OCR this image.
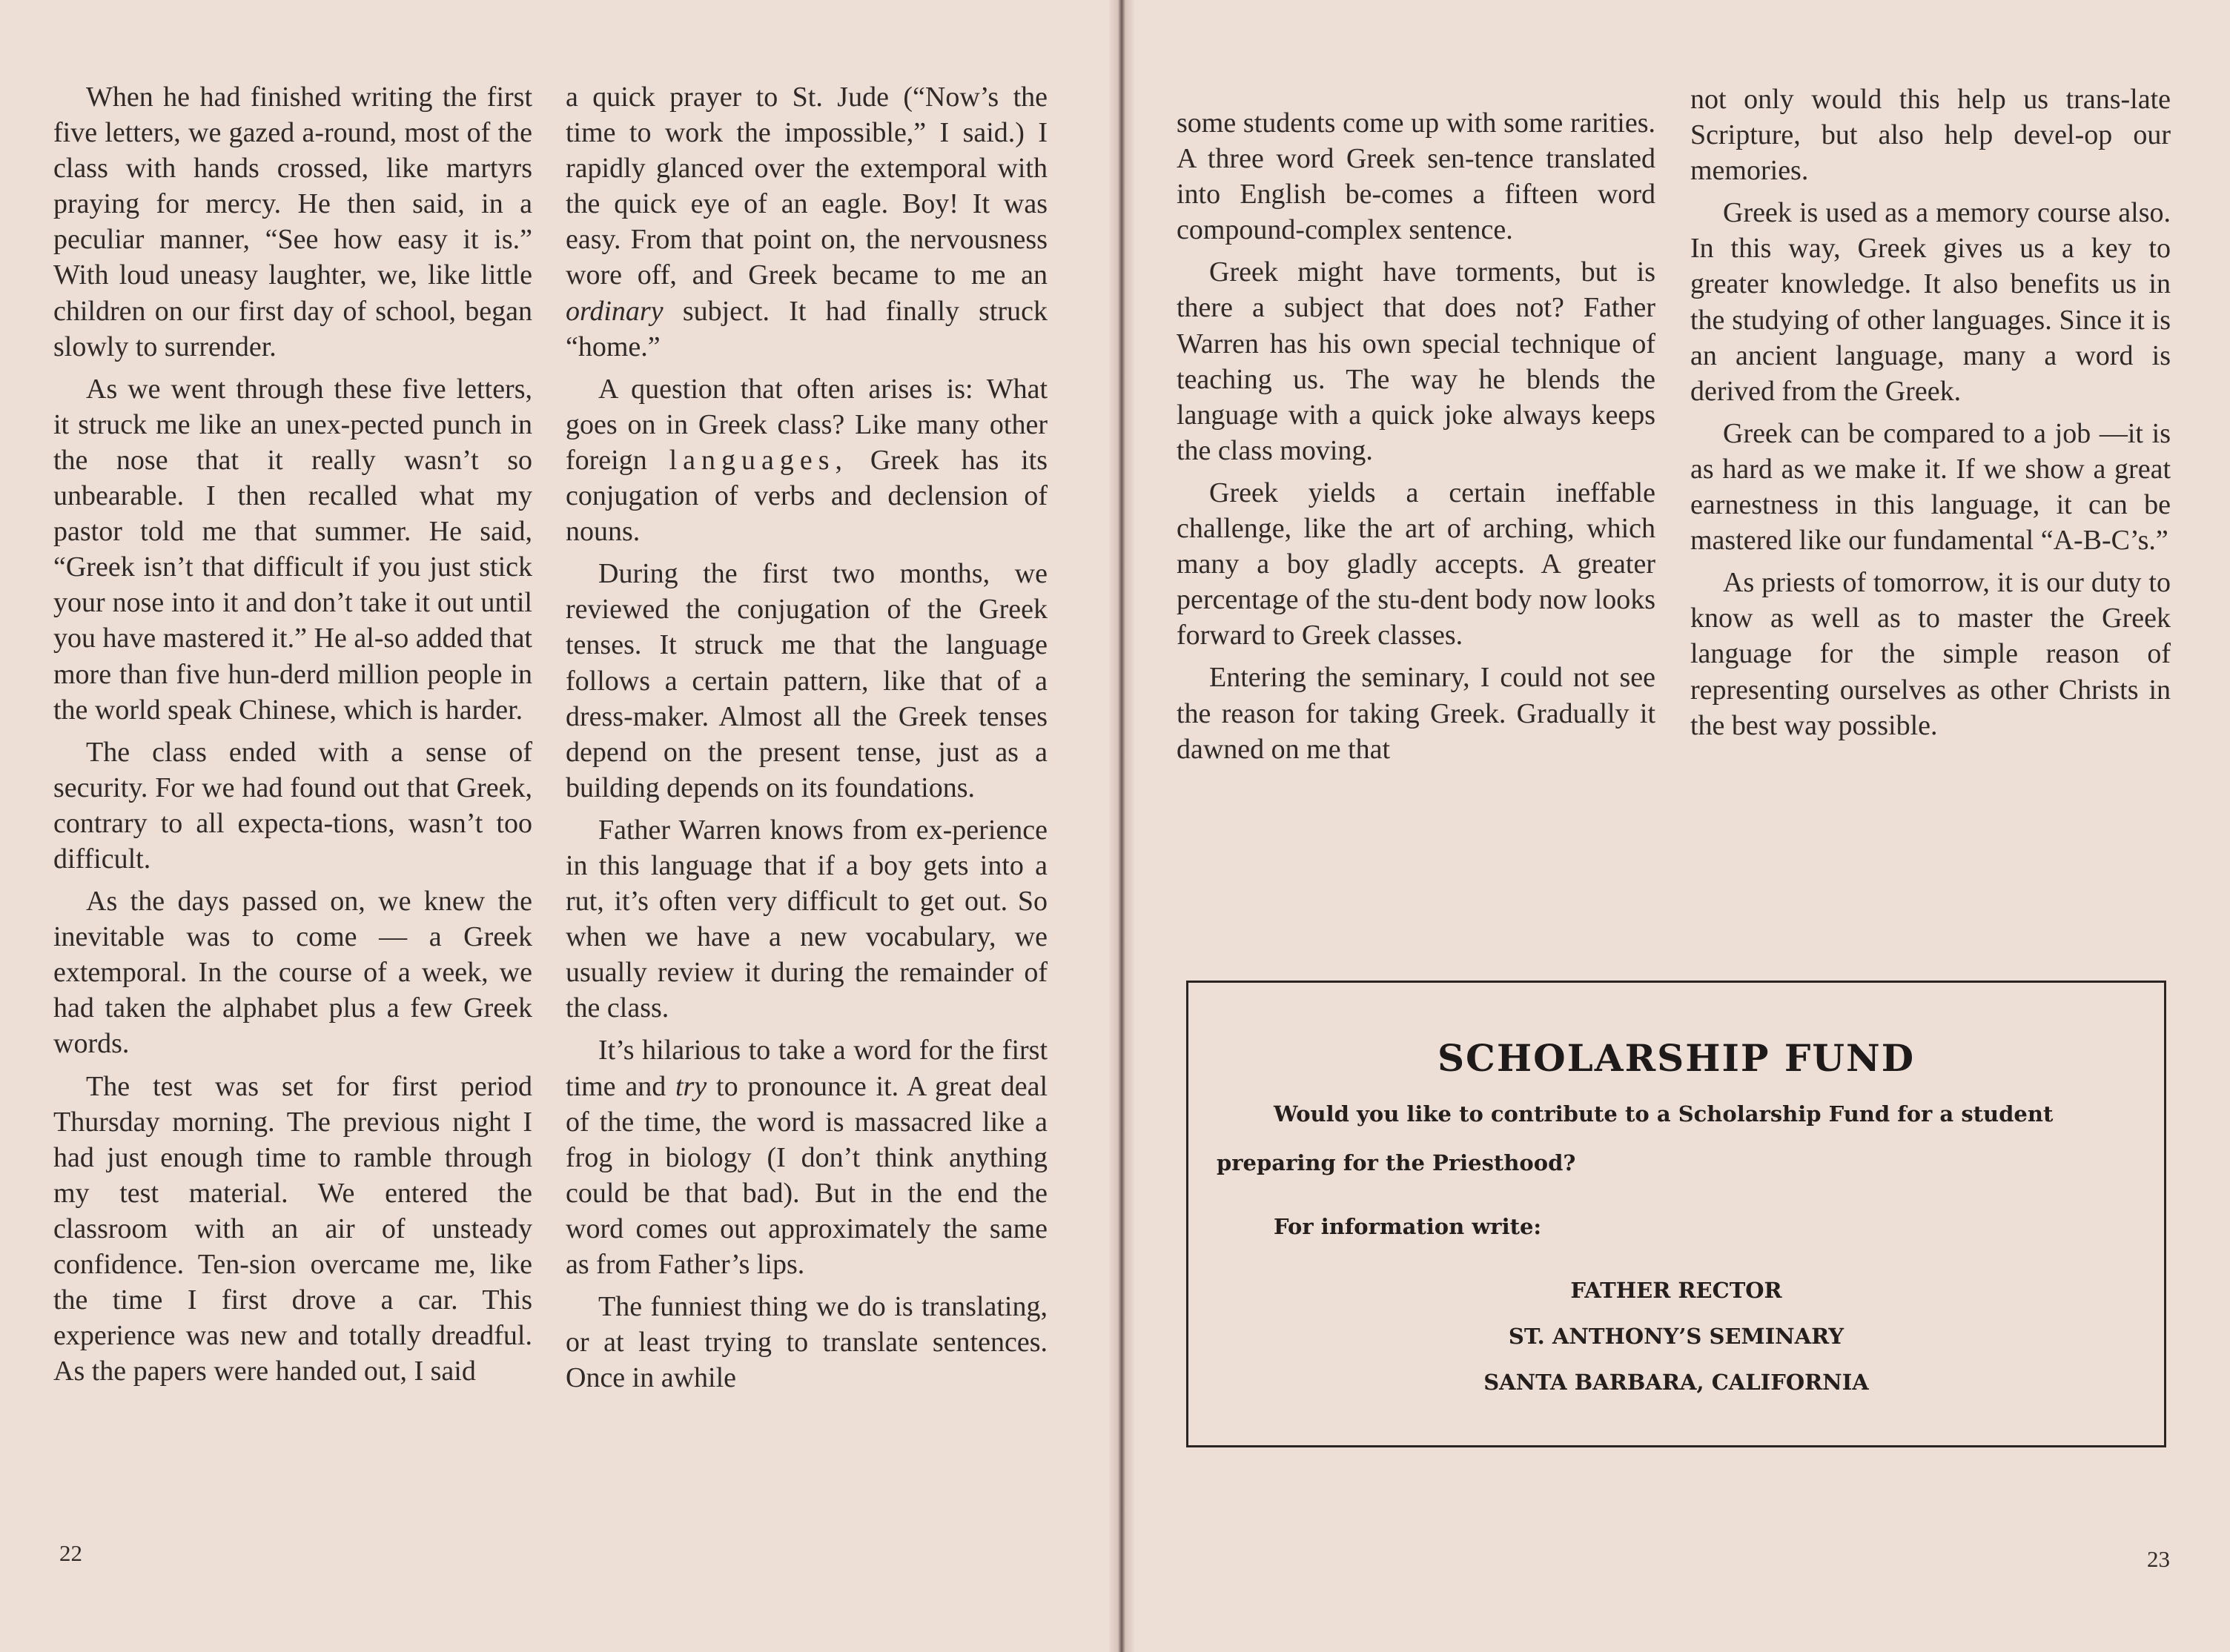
When he had finished writing the first five letters, we gazed a-round, most of the class with hands crossed, like martyrs praying for mercy. He then said, in a peculiar manner, “See how easy it is.” With loud uneasy laughter, we, like little children on our first day of school, began slowly to surrender.

As we went through these five letters, it struck me like an unex-pected punch in the nose that it really wasn’t so unbearable. I then recalled what my pastor told me that summer. He said, “Greek isn’t that difficult if you just stick your nose into it and don’t take it out until you have mastered it.” He al-so added that more than five hun-derd million people in the world speak Chinese, which is harder.

The class ended with a sense of security. For we had found out that Greek, contrary to all expecta-tions, wasn’t too difficult.

As the days passed on, we knew the inevitable was to come — a Greek extemporal. In the course of a week, we had taken the alphabet plus a few Greek words.

The test was set for first period Thursday morning. The previous night I had just enough time to ramble through my test material. We entered the classroom with an air of unsteady confidence. Ten-sion overcame me, like the time I first drove a car. This experience was new and totally dreadful. As the papers were handed out, I said

a quick prayer to St. Jude (“Now’s the time to work the impossible,” I said.) I rapidly glanced over the extemporal with the quick eye of an eagle. Boy! It was easy. From that point on, the nervousness wore off, and Greek became to me an ordinary subject. It had finally struck “home.”

A question that often arises is: What goes on in Greek class? Like many other foreign languages, Greek has its conjugation of verbs and declension of nouns.

During the first two months, we reviewed the conjugation of the Greek tenses. It struck me that the language follows a certain pattern, like that of a dress-maker. Almost all the Greek tenses depend on the present tense, just as a building depends on its foundations.

Father Warren knows from ex-perience in this language that if a boy gets into a rut, it’s often very difficult to get out. So when we have a new vocabulary, we usually review it during the remainder of the class.

It’s hilarious to take a word for the first time and try to pronounce it. A great deal of the time, the word is massacred like a frog in biology (I don’t think anything could be that bad). But in the end the word comes out approximately the same as from Father’s lips.

The funniest thing we do is translating, or at least trying to translate sentences. Once in awhile

22

some students come up with some rarities. A three word Greek sen-tence translated into English be-comes a fifteen word compound-complex sentence.

Greek might have torments, but is there a subject that does not? Father Warren has his own special technique of teaching us. The way he blends the language with a quick joke always keeps the class moving.

Greek yields a certain ineffable challenge, like the art of arching, which many a boy gladly accepts. A greater percentage of the stu-dent body now looks forward to Greek classes.

Entering the seminary, I could not see the reason for taking Greek. Gradually it dawned on me that

not only would this help us trans-late Scripture, but also help devel-op our memories.

Greek is used as a memory course also. In this way, Greek gives us a key to greater knowledge. It also benefits us in the studying of other languages. Since it is an ancient language, many a word is derived from the Greek.

Greek can be compared to a job —it is as hard as we make it. If we show a great earnestness in this language, it can be mastered like our fundamental “A-B-C’s.”

As priests of tomorrow, it is our duty to know as well as to master the Greek language for the simple reason of representing ourselves as other Christs in the best way possible.

SCHOLARSHIP FUND
Would you like to contribute to a Scholarship Fund for a student
preparing for the Priesthood?
For information write:
FATHER RECTOR
ST. ANTHONY’S SEMINARY
SANTA BARBARA, CALIFORNIA
23
